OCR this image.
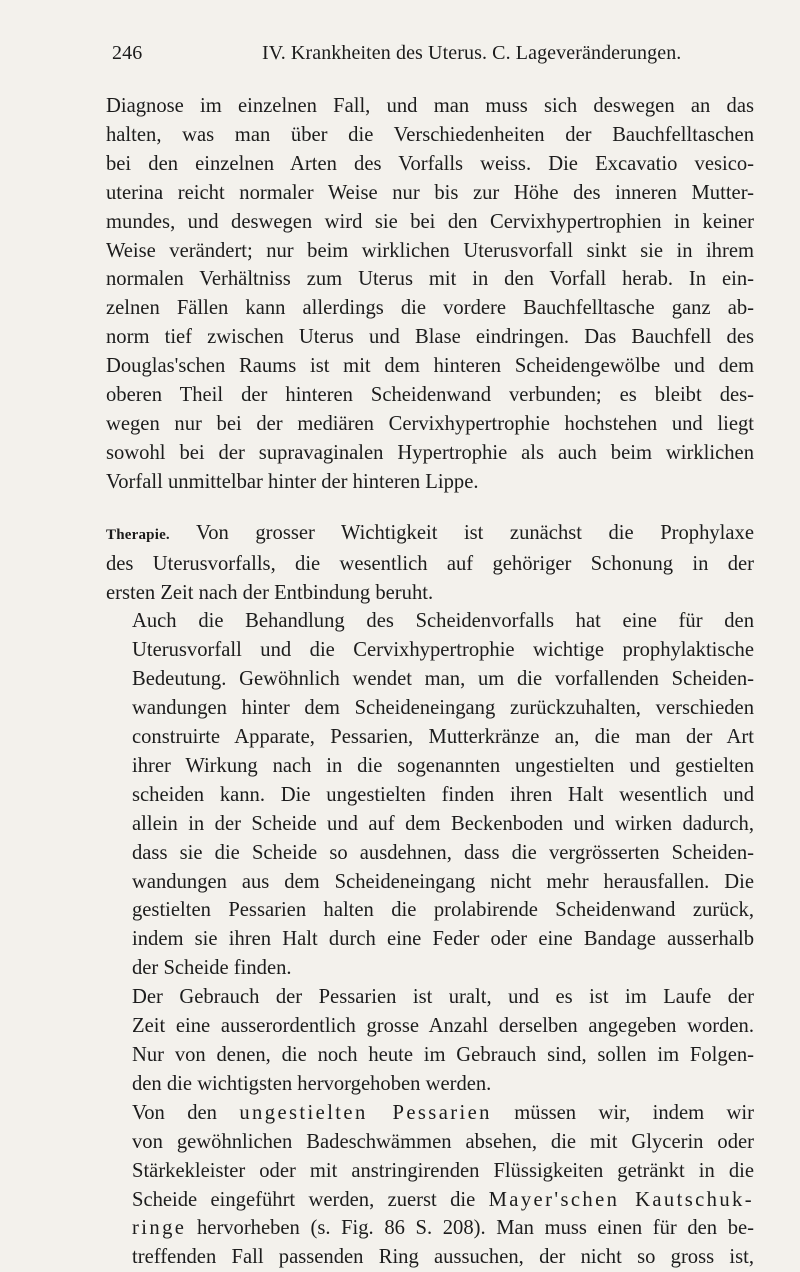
246	IV. Krankheiten des Uterus. C. Lageveränderungen.

Diagnose im einzelnen Fall, und man muss sich deswegen an das
halten, was man über die Verschiedenheiten der Bauchfelltaschen
bei den einzelnen Arten des Vorfalls weiss. Die Excavatio vesico-
uterina reicht normaler Weise nur bis zur Höhe des inneren Mutter-
mundes, und deswegen wird sie bei den Cervixhypertrophien in keiner
Weise verändert; nur beim wirklichen Uterusvorfall sinkt sie in ihrem
normalen Verhältniss zum Uterus mit in den Vorfall herab. In ein-
zelnen Fällen kann allerdings die vordere Bauchfelltasche ganz ab-
norm tief zwischen Uterus und Blase eindringen. Das Bauchfell des
Douglas'schen Raums ist mit dem hinteren Scheidengewölbe und dem
oberen Theil der hinteren Scheidenwand verbunden; es bleibt des-
wegen nur bei der mediären Cervixhypertrophie hochstehen und liegt
sowohl bei der supravaginalen Hypertrophie als auch beim wirklichen
Vorfall unmittelbar hinter der hinteren Lippe.

Therapie. Von grosser Wichtigkeit ist zunächst die Prophylaxe
des Uterusvorfalls, die wesentlich auf gehöriger Schonung in der
ersten Zeit nach der Entbindung beruht.

Auch die Behandlung des Scheidenvorfalls hat eine für den
Uterusvorfall und die Cervixhypertrophie wichtige prophylaktische
Bedeutung. Gewöhnlich wendet man, um die vorfallenden Scheiden-
wandungen hinter dem Scheideneingang zurückzuhalten, verschieden
construirte Apparate, Pessarien, Mutterkränze an, die man der Art
ihrer Wirkung nach in die sogenannten ungestielten und gestielten
scheiden kann. Die ungestielten finden ihren Halt wesentlich und
allein in der Scheide und auf dem Beckenboden und wirken dadurch,
dass sie die Scheide so ausdehnen, dass die vergrösserten Scheiden-
wandungen aus dem Scheideneingang nicht mehr herausfallen. Die
gestielten Pessarien halten die prolabirende Scheidenwand zurück,
indem sie ihren Halt durch eine Feder oder eine Bandage ausserhalb
der Scheide finden.

Der Gebrauch der Pessarien ist uralt, und es ist im Laufe der
Zeit eine ausserordentlich grosse Anzahl derselben angegeben worden.
Nur von denen, die noch heute im Gebrauch sind, sollen im Folgen-
den die wichtigsten hervorgehoben werden.

Von den ungestielten Pessarien müssen wir, indem wir
von gewöhnlichen Badeschwämmen absehen, die mit Glycerin oder
Stärkekleister oder mit anstringirenden Flüssigkeiten getränkt in die
Scheide eingeführt werden, zuerst die Mayer'schen Kautschuk-
ringe hervorheben (s. Fig. 86 S. 208). Man muss einen für den be-
treffenden Fall passenden Ring aussuchen, der nicht so gross ist,
